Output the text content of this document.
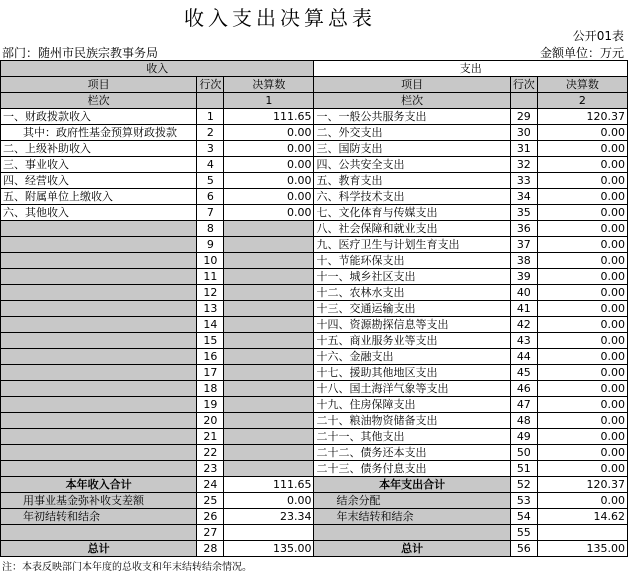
收入支出决算总表
公开01表
部门：随州市民族宗教事务局	金额单位：万元
收入			支出		
项目	行次	决算数	项目	行次	决算数
栏次		1	栏次		2
一、财政拨款收入	1	111.65	一、一般公共服务支出	29	120.37
其中：政府性基金预算财政拨款	2	0.00	二、外交支出	30	0.00
二、上级补助收入	3	0.00	三、国防支出	31	0.00
三、事业收入	4	0.00	四、公共安全支出	32	0.00
四、经营收入	5	0.00	五、教育支出	33	0.00
五、附属单位上缴收入	6	0.00	六、科学技术支出	34	0.00
六、其他收入	7	0.00	七、文化体育与传媒支出	35	0.00
	8		八、社会保障和就业支出	36	0.00
	9		九、医疗卫生与计划生育支出	37	0.00
	10		十、节能环保支出	38	0.00
	11		十一、城乡社区支出	39	0.00
	12		十二、农林水支出	40	0.00
	13		十三、交通运输支出	41	0.00
	14		十四、资源勘探信息等支出	42	0.00
	15		十五、商业服务业等支出	43	0.00
	16		十六、金融支出	44	0.00
	17		十七、援助其他地区支出	45	0.00
	18		十八、国土海洋气象等支出	46	0.00
	19		十九、住房保障支出	47	0.00
	20		二十、粮油物资储备支出	48	0.00
	21		二十一、其他支出	49	0.00
	22		二十二、债务还本支出	50	0.00
	23		二十三、债务付息支出	51	0.00
本年收入合计	24	111.65	本年支出合计	52	120.37
用事业基金弥补收支差额	25	0.00	结余分配	53	0.00
年初结转和结余	26	23.34	年末结转和结余	54	14.62
	27			55	
总计	28	135.00	总计	56	135.00
注：本表反映部门本年度的总收支和年末结转结余情况。
